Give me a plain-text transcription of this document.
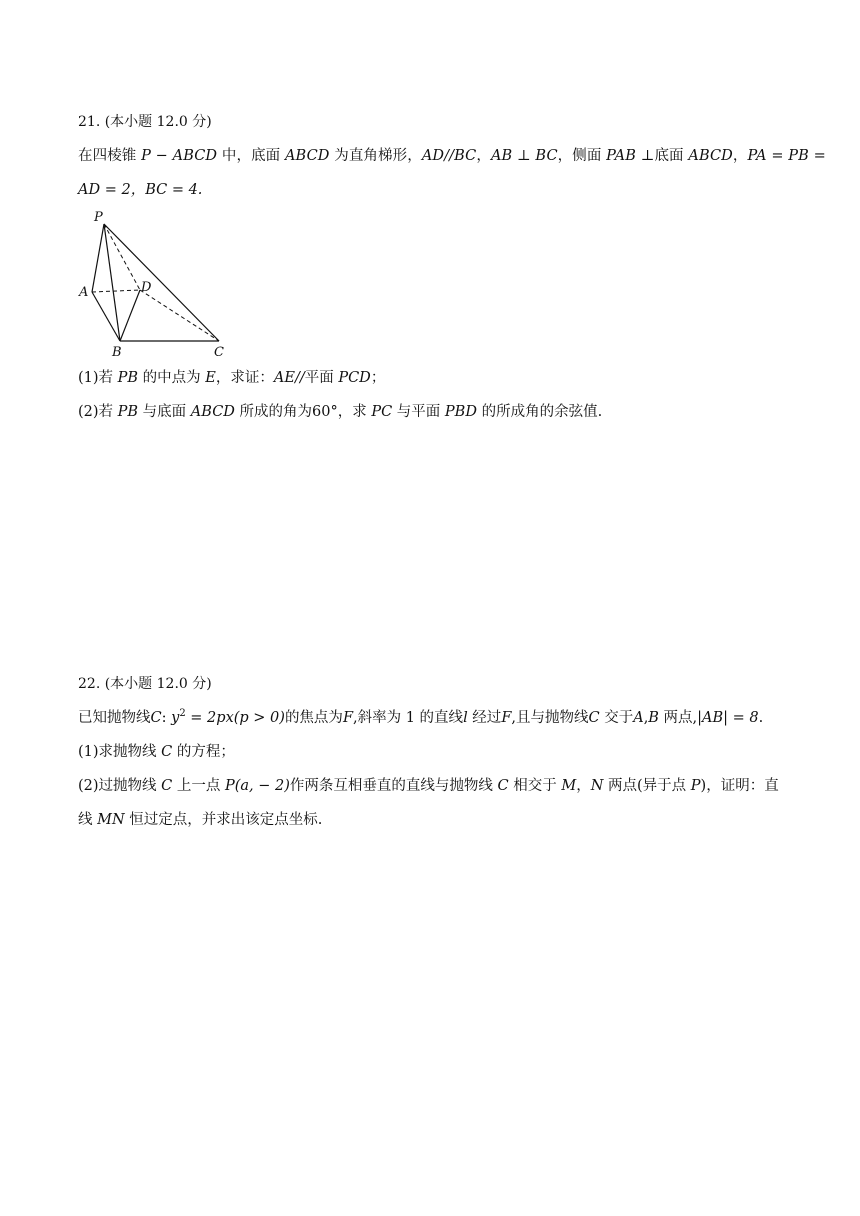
21. (本小题 12.0 分)
在四棱锥 P − ABCD 中，底面 ABCD 为直角梯形，AD//BC，AB ⊥ BC，侧面 PAB ⊥底面 ABCD，PA = PB =
AD = 2，BC = 4.
P
A	D
B	C
(1)若 PB 的中点为 E，求证：AE//平面 PCD；
(2)若 PB 与底面 ABCD 所成的角为60°，求 PC 与平面 PBD 的所成角的余弦值.
22. (本小题 12.0 分)
已知抛物线C: $y^2 = 2px(p > 0)$的焦点为F,斜率为 1 的直线l 经过F,且与抛物线C 交于A,B 两点,|AB| = 8.
(1)求抛物线 C 的方程；
(2)过抛物线 C 上一点 P(a, − 2)作两条互相垂直的直线与抛物线 C 相交于 M，N 两点(异于点 P)，证明：直
线 MN 恒过定点，并求出该定点坐标.
